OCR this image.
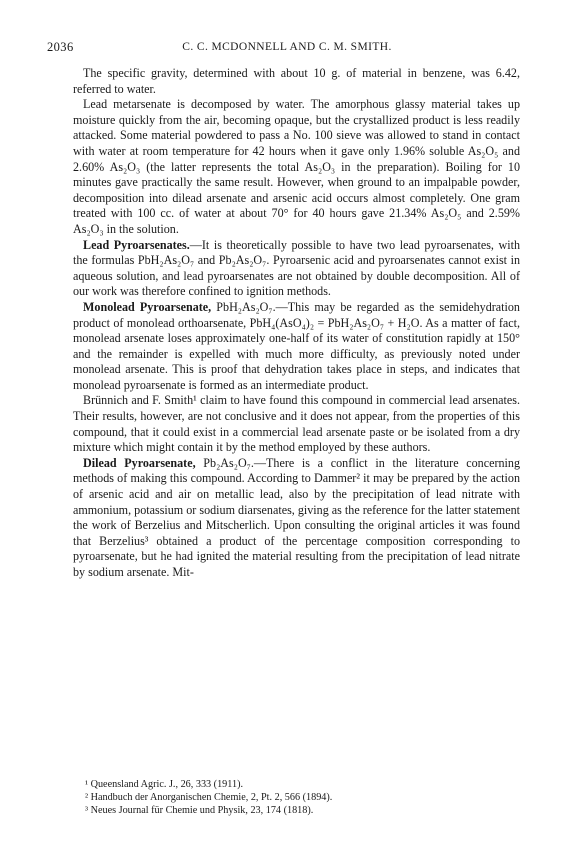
2036	C. C. MCDONNELL AND C. M. SMITH.

The specific gravity, determined with about 10 g. of material in benzene, was 6.42, referred to water.

Lead metarsenate is decomposed by water. The amorphous glassy material takes up moisture quickly from the air, becoming opaque, but the crystallized product is less readily attacked. Some material powdered to pass a No. 100 sieve was allowed to stand in contact with water at room temperature for 42 hours when it gave only 1.96% soluble As₂O₅ and 2.60% As₂O₃ (the latter represents the total As₂O₃ in the preparation). Boiling for 10 minutes gave practically the same result. However, when ground to an impalpable powder, decomposition into dilead arsenate and arsenic acid occurs almost completely. One gram treated with 100 cc. of water at about 70° for 40 hours gave 21.34% As₂O₅ and 2.59% As₂O₃ in the solution.

Lead Pyroarsenates.—It is theoretically possible to have two lead pyroarsenates, with the formulas PbH₂As₂O₇ and Pb₂As₂O₇. Pyroarsenic acid and pyroarsenates cannot exist in aqueous solution, and lead pyroarsenates are not obtained by double decomposition. All of our work was therefore confined to ignition methods.

Monolead Pyroarsenate, PbH₂As₂O₇.—This may be regarded as the semidehydration product of monolead orthoarsenate, PbH₄(AsO₄)₂ = PbH₂As₂O₇ + H₂O. As a matter of fact, monolead arsenate loses approximately one-half of its water of constitution rapidly at 150° and the remainder is expelled with much more difficulty, as previously noted under monolead arsenate. This is proof that dehydration takes place in steps, and indicates that monolead pyroarsenate is formed as an intermediate product.

Brünnich and F. Smith¹ claim to have found this compound in commercial lead arsenates. Their results, however, are not conclusive and it does not appear, from the properties of this compound, that it could exist in a commercial lead arsenate paste or be isolated from a dry mixture which might contain it by the method employed by these authors.

Dilead Pyroarsenate, Pb₂As₂O₇.—There is a conflict in the literature concerning methods of making this compound. According to Dammer² it may be prepared by the action of arsenic acid and air on metallic lead, also by the precipitation of lead nitrate with ammonium, potassium or sodium diarsenates, giving as the reference for the latter statement the work of Berzelius and Mitscherlich. Upon consulting the original articles it was found that Berzelius³ obtained a product of the percentage composition corresponding to pyroarsenate, but he had ignited the material resulting from the precipitation of lead nitrate by sodium arsenate. Mit-

¹ Queensland Agric. J., 26, 333 (1911).
² Handbuch der Anorganischen Chemie, 2, Pt. 2, 566 (1894).
³ Neues Journal für Chemie und Physik, 23, 174 (1818).
